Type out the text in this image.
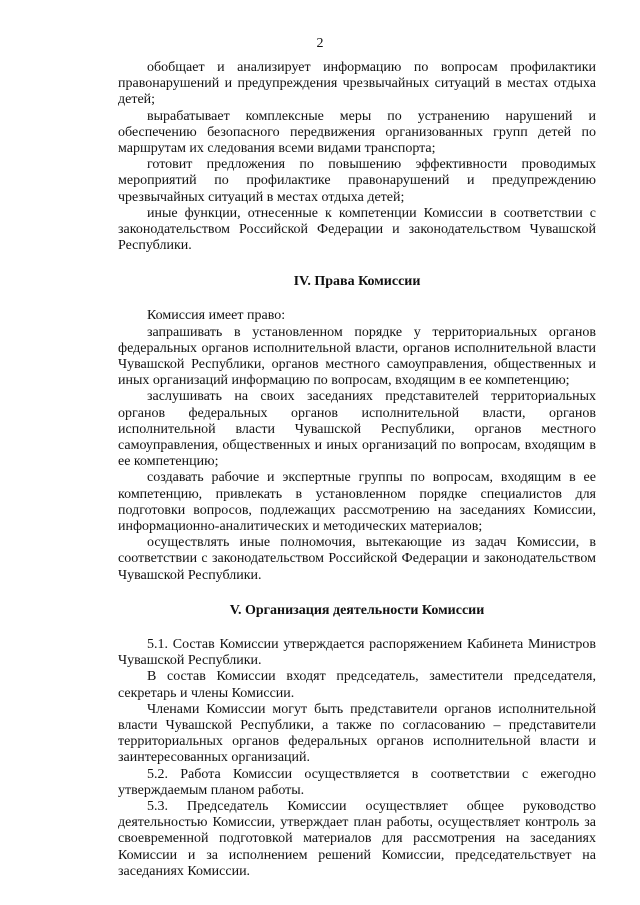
2

обобщает и анализирует информацию по вопросам профилактики правонарушений и предупреждения чрезвычайных ситуаций в местах отдыха детей;

вырабатывает комплексные меры по устранению нарушений и обеспечению безопасного передвижения организованных групп детей по маршрутам их следования всеми видами транспорта;

готовит предложения по повышению эффективности проводимых мероприятий по профилактике правонарушений и предупреждению чрезвычайных ситуаций в местах отдыха детей;

иные функции, отнесенные к компетенции Комиссии в соответствии с законодательством Российской Федерации и законодательством Чувашской Республики.

IV. Права Комиссии

Комиссия имеет право:

запрашивать в установленном порядке у территориальных органов федеральных органов исполнительной власти, органов исполнительной власти Чувашской Республики, органов местного самоуправления, общественных и иных организаций информацию по вопросам, входящим в ее компетенцию;

заслушивать на своих заседаниях представителей территориальных органов федеральных органов исполнительной власти, органов исполнительной власти Чувашской Республики, органов местного самоуправления, общественных и иных организаций по вопросам, входящим в ее компетенцию;

создавать рабочие и экспертные группы по вопросам, входящим в ее компетенцию, привлекать в установленном порядке специалистов для подготовки вопросов, подлежащих рассмотрению на заседаниях Комиссии, информационно-аналитических и методических материалов;

осуществлять иные полномочия, вытекающие из задач Комиссии, в соответствии с законодательством Российской Федерации и законодательством Чувашской Республики.

V. Организация деятельности Комиссии

5.1. Состав Комиссии утверждается распоряжением Кабинета Министров Чувашской Республики.

В состав Комиссии входят председатель, заместители председателя, секретарь и члены Комиссии.

Членами Комиссии могут быть представители органов исполнительной власти Чувашской Республики, а также по согласованию – представители территориальных органов федеральных органов исполнительной власти и заинтересованных организаций.

5.2. Работа Комиссии осуществляется в соответствии с ежегодно утверждаемым планом работы.

5.3. Председатель Комиссии осуществляет общее руководство деятельностью Комиссии, утверждает план работы, осуществляет контроль за своевременной подготовкой материалов для рассмотрения на заседаниях Комиссии и за исполнением решений Комиссии, председательствует на заседаниях Комиссии.
